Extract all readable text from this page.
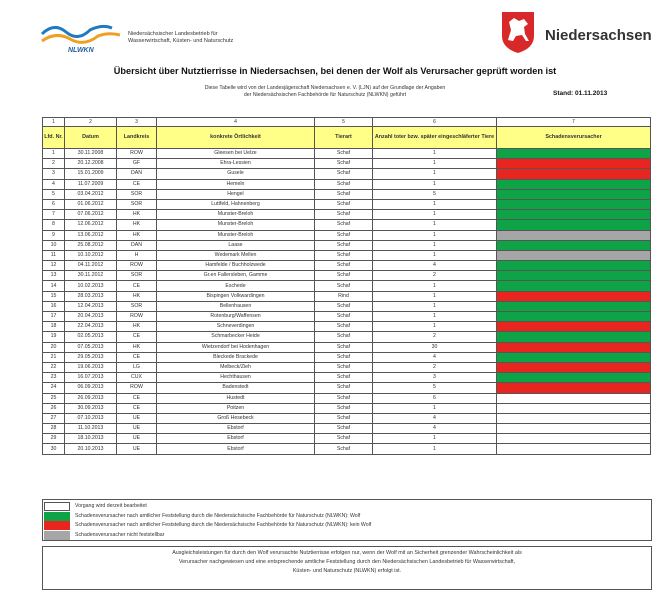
NLWKN
Niedersächsischer Landesbetrieb für
Wasserwirtschaft, Küsten- und Naturschutz	Niedersachsen
Übersicht über Nutztierrisse in Niedersachsen, bei denen der Wolf als Verursacher geprüft worden ist
Diese Tabelle wird von der Landesjägerschaft Niedersachsen e. V. (LJN) auf der Grundlage der Angaben
der Niedersächsischen Fachbehörde für Naturschutz (NLWKN) geführt	Stand: 01.11.2013
1	2	3	4	5	6	7
Lfd. Nr.	Datum	Landkreis	konkrete Örtlichkeit	Tierart	Anzahl toter bzw. später eingeschläferter Tiere	Schadensverursacher
1	30.11.2008	ROW	Gleesen bei Uelze	Schaf	1	
2	20.12.2008	GF	Ehra-Lessien	Schaf	1	
3	15.01.2009	DAN	Gusele	Schaf	1	
4	11.07.2009	CE	Hemeln	Schaf	1	
5	03.04.2012	SOR	Hengel	Schaf	5	
6	01.06.2012	SOR	Luttfeld, Hahnenberg	Schaf	1	
7	07.06.2012	HK	Munster-Breloh	Schaf	1	
8	12.06.2012	HK	Munster-Breloh	Schaf	1	
9	13.06.2012	HK	Munster-Breloh	Schaf	1	
10	25.08.2012	DAN	Laase	Schaf	1	
11	10.10.2012	H	Wedemark Mellen	Schaf	1	
12	04.11.2012	ROW	Hamfelde / Buchholzwede	Schaf	4	
13	30.11.2012	SOR	Gr.en Fallersleben, Gamme	Schaf	2	
14	10.02.2013	CE	Eschede	Schaf	1	
15	28.03.2013	HK	Bispingen Volkwardingen	Rind	1	
16	12.04.2013	SOR	Bellenhausen	Schaf	1	
17	20.04.2013	ROW	Rotenburg/Waffensen	Schaf	1	
18	22.04.2013	HK	Schneverdingen	Schaf	1	
19	02.05.2013	CE	Schmarbecker Heide	Schaf	2	
20	07.05.2013	HK	Wietzendorf bei Hodenhagen	Schaf	30	
21	29.05.2013	CE	Bleckede Brackede	Schaf	4	
22	19.06.2013	LG	Melbeck/Zieh	Schaf	2	
23	16.07.2013	CUX	Hechthausen	Schaf	3	
24	06.09.2013	ROW	Badenstedt	Schaf	5	
25	26.09.2013	CE	Hustedt	Schaf	6	
26	30.09.2013	CE	Poitzen	Schaf	1	
27	07.10.2013	UE	Groß Hesebeck	Schaf	4	
28	11.10.2013	UE	Ebstorf	Schaf	4	
29	18.10.2013	UE	Ebstorf	Schaf	1	
30	20.10.2013	UE	Ebstorf	Schaf	1	
Vorgang wird derzeit bearbeitet
Schadensverursacher nach amtlicher Feststellung durch die Niedersächsische Fachbehörde für Naturschutz (NLWKN): Wolf
Schadensverursacher nach amtlicher Feststellung durch die Niedersächsische Fachbehörde für Naturschutz (NLWKN): kein Wolf
Schadensverursacher nicht feststellbar
Ausgleichsleistungen für durch den Wolf verursachte Nutztierrisse erfolgen nur, wenn der Wolf mit an Sicherheit grenzender Wahrscheinlichkeit als
Verursacher nachgewiesen und eine entsprechende amtliche Feststellung durch den Niedersächsischen Landesbetrieb für Wasserwirtschaft,
Küsten- und Naturschutz (NLWKN) erfolgt ist.
